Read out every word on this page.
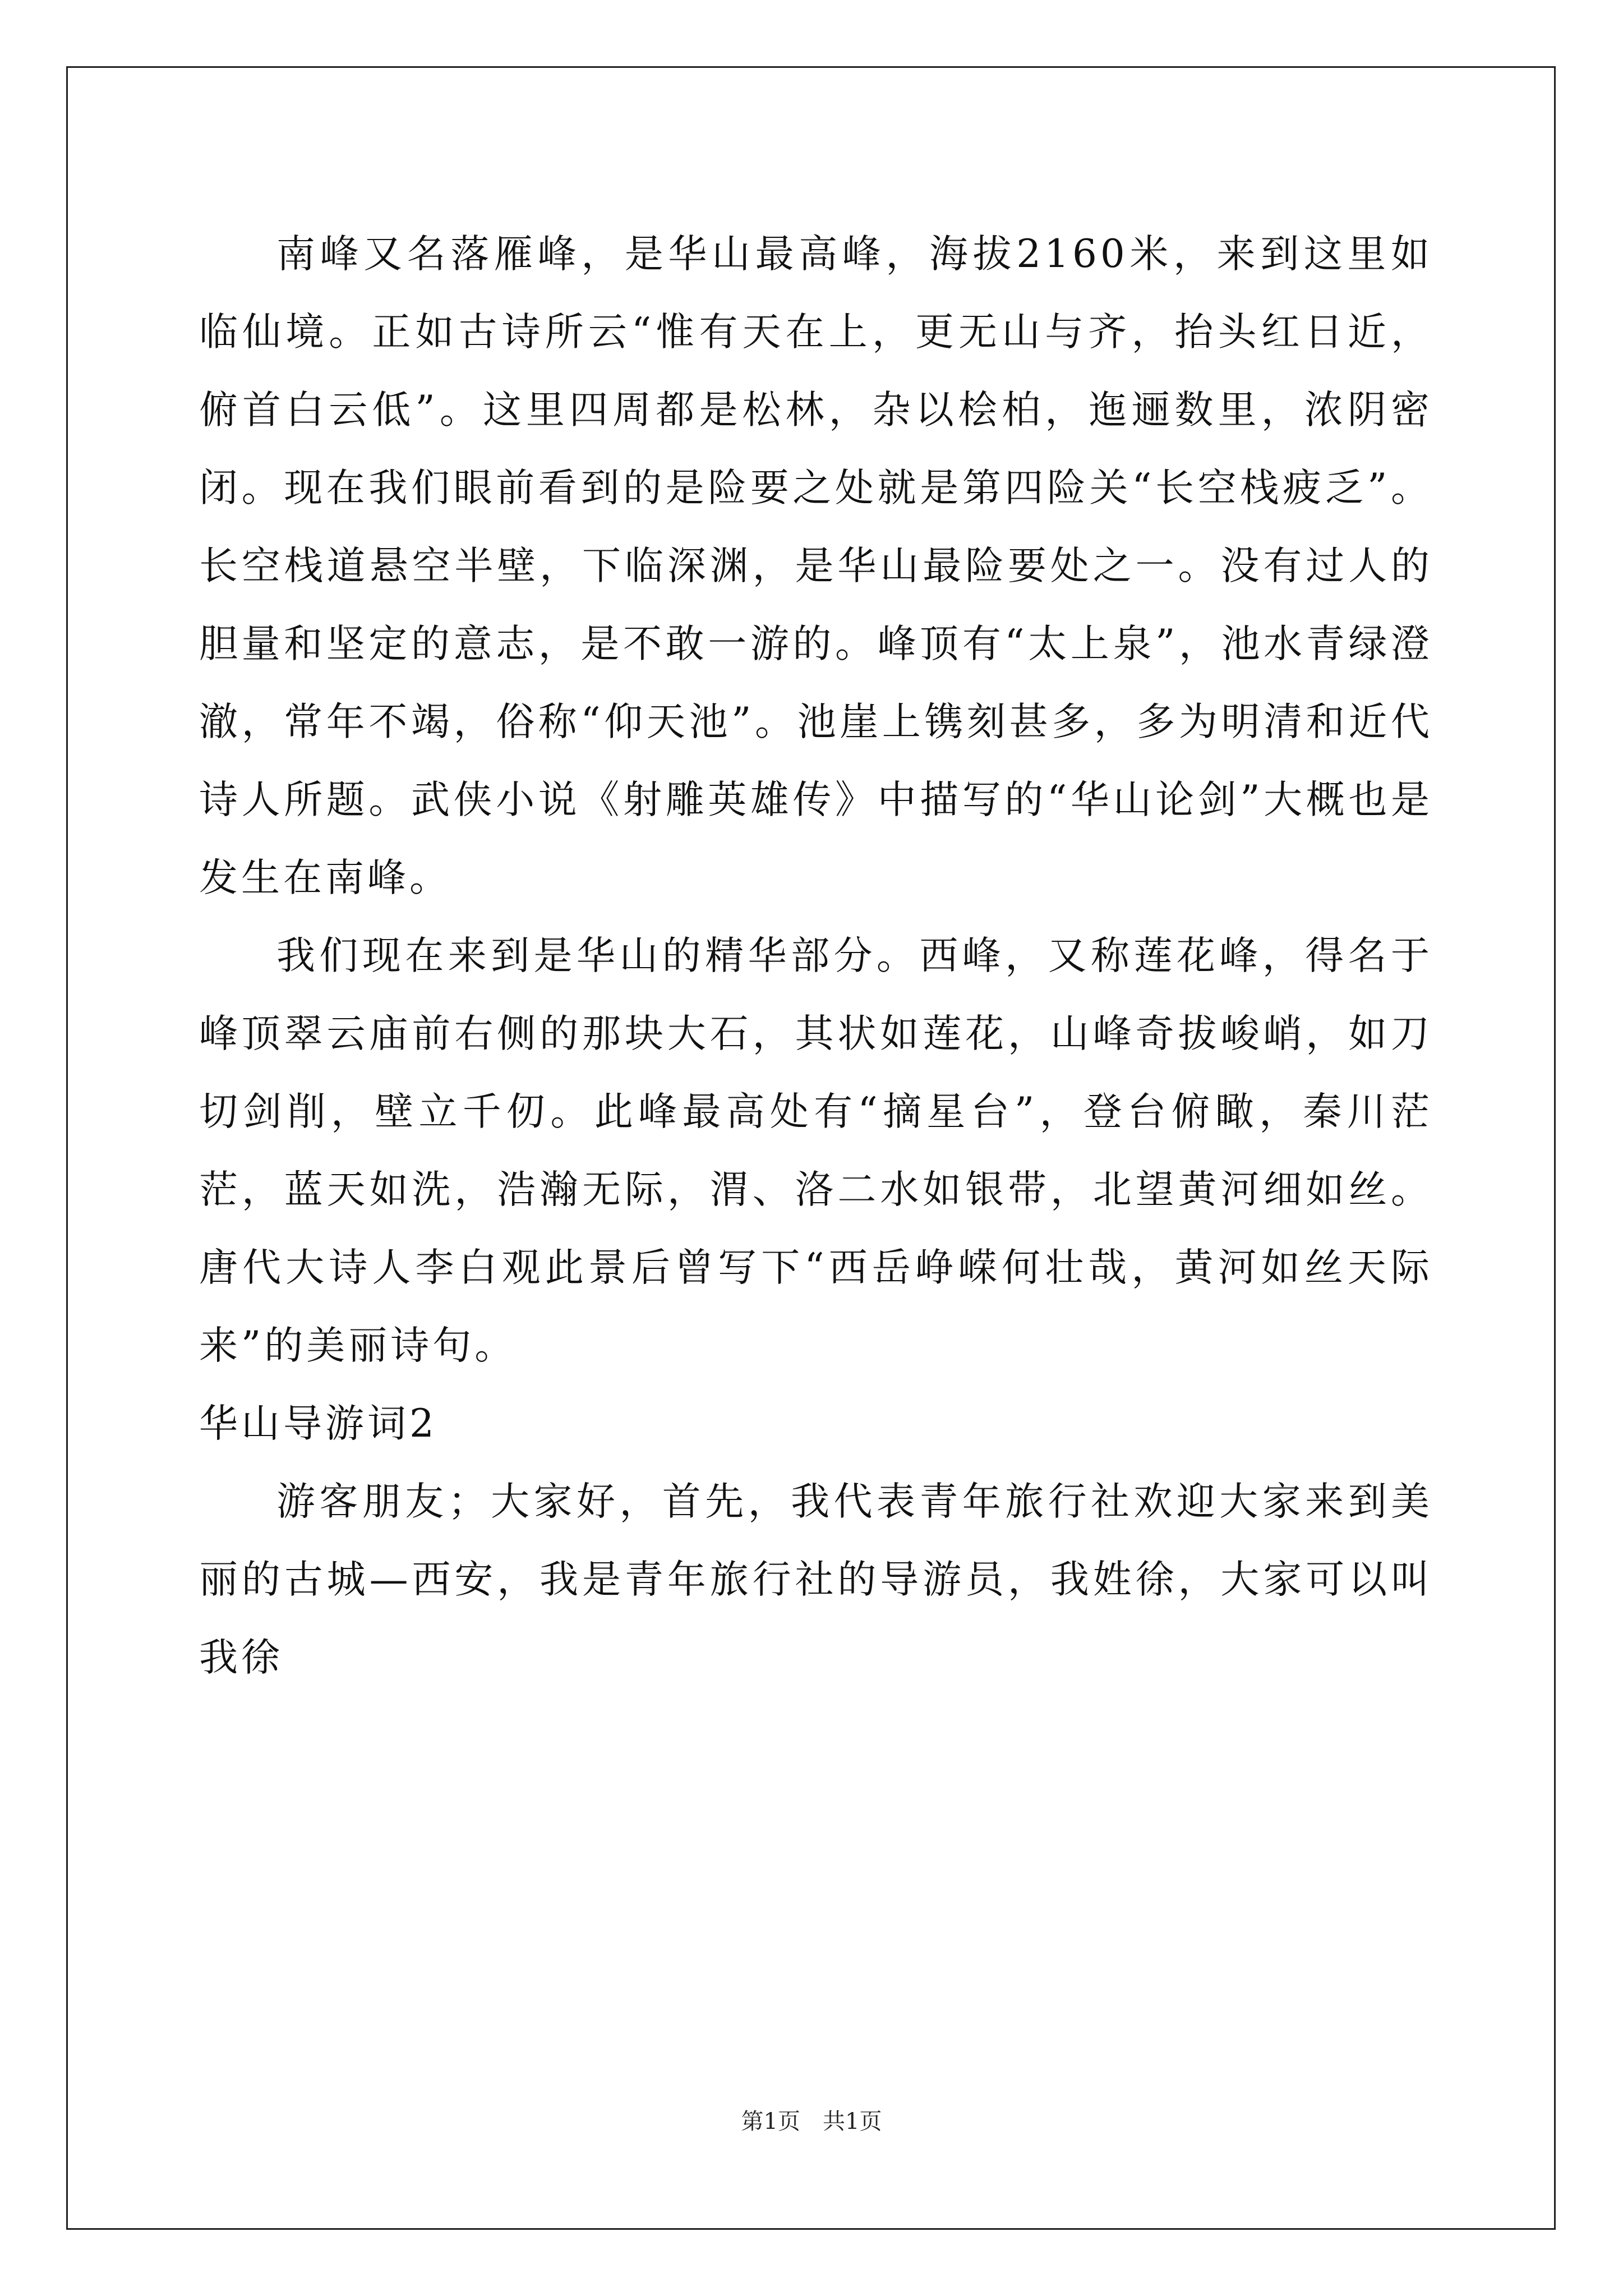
南峰又名落雁峰，是华山最高峰，海拔2160米，来到这里如临仙境。正如古诗所云“惟有天在上，更无山与齐，抬头红日近，俯首白云低”。这里四周都是松林，杂以桧柏，迤逦数里，浓阴密闭。现在我们眼前看到的是险要之处就是第四险关“长空栈疲乏”。长空栈道悬空半壁，下临深渊，是华山最险要处之一。没有过人的胆量和坚定的意志，是不敢一游的。峰顶有“太上泉”，池水青绿澄澈，常年不竭，俗称“仰天池”。池崖上镌刻甚多，多为明清和近代诗人所题。武侠小说《射雕英雄传》中描写的“华山论剑”大概也是发生在南峰。

我们现在来到是华山的精华部分。西峰，又称莲花峰，得名于峰顶翠云庙前右侧的那块大石，其状如莲花，山峰奇拔峻峭，如刀切剑削，壁立千仞。此峰最高处有“摘星台”，登台俯瞰，秦川茫茫，蓝天如洗，浩瀚无际，渭、洛二水如银带，北望黄河细如丝。唐代大诗人李白观此景后曾写下“西岳峥嵘何壮哉，黄河如丝天际来”的美丽诗句。

华山导游词2

游客朋友；大家好，首先，我代表青年旅行社欢迎大家来到美丽的古城—西安，我是青年旅行社的导游员，我姓徐，大家可以叫我徐

第1页　共1页
